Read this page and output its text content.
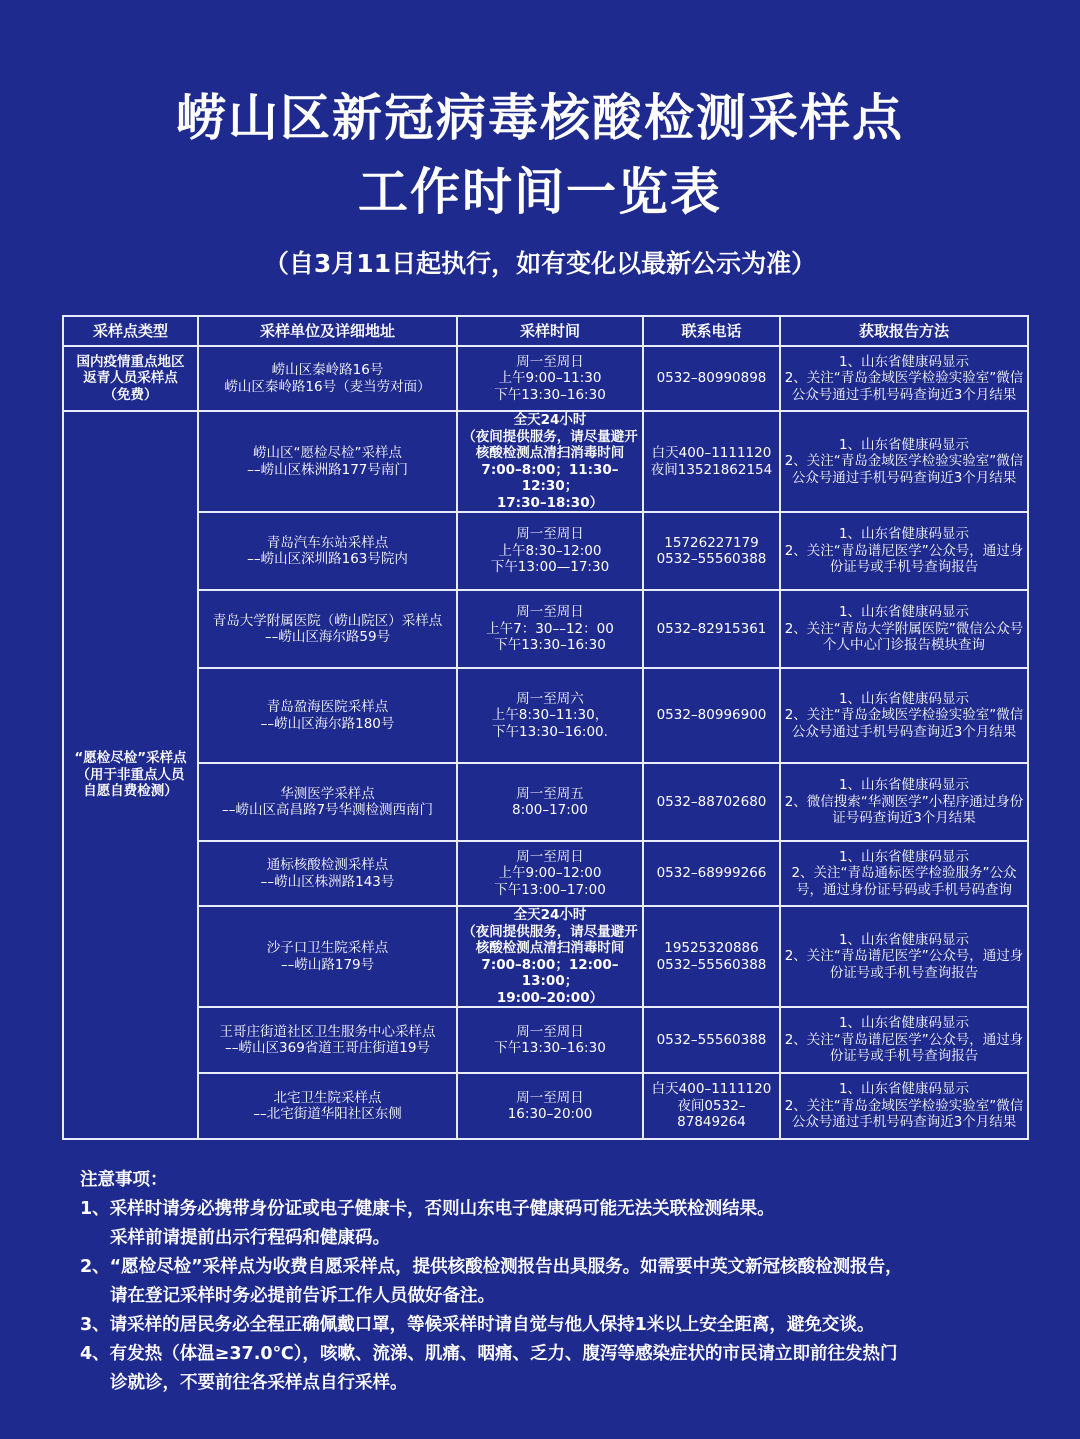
崂山区新冠病毒核酸检测采样点
工作时间一览表
（自3月11日起执行，如有变化以最新公示为准）
采样点类型	采样单位及详细地址	采样时间	联系电话	获取报告方法
国内疫情重点地区
返青人员采样点
（免费）	崂山区秦岭路16号
崂山区秦岭路16号（麦当劳对面）	周一至周日
上午9:00–11:30
下午13:30–16:30	0532–80990898	1、山东省健康码显示
2、关注“青岛金域医学检验实验室”微信
公众号通过手机号码查询近3个月结果
“愿检尽检”采样点
（用于非重点人员
自愿自费检测）	崂山区“愿检尽检”采样点
––崂山区株洲路177号南门	全天24小时
（夜间提供服务，请尽量避开
核酸检测点清扫消毒时间
7:00–8:00；11:30–12:30；
17:30–18:30）	白天400–1111120
夜间13521862154	1、山东省健康码显示
2、关注“青岛金域医学检验实验室”微信
公众号通过手机号码查询近3个月结果
	青岛汽车东站采样点
––崂山区深圳路163号院内	周一至周日
上午8:30–12:00
下午13:00—17:30	15726227179
0532–55560388	1、山东省健康码显示
2、关注“青岛谱尼医学”公众号，通过身
份证号或手机号查询报告
	青岛大学附属医院（崂山院区）采样点
––崂山区海尔路59号	周一至周日
上午7：30––12：00
下午13:30–16:30	0532–82915361	1、山东省健康码显示
2、关注“青岛大学附属医院”微信公众号
个人中心门诊报告模块查询
	青岛盈海医院采样点
––崂山区海尔路180号	周一至周六
上午8:30–11:30，
下午13:30–16:00.	0532–80996900	1、山东省健康码显示
2、关注“青岛金域医学检验实验室”微信
公众号通过手机号码查询近3个月结果
	华测医学采样点
––崂山区高昌路7号华测检测西南门	周一至周五
8:00–17:00	0532–88702680	1、山东省健康码显示
2、微信搜索“华测医学”小程序通过身份
证号码查询近3个月结果
	通标核酸检测采样点
––崂山区株洲路143号	周一至周日
上午9:00–12:00
下午13:00–17:00	0532–68999266	1、山东省健康码显示
2、关注“青岛通标医学检验服务”公众
号，通过身份证号码或手机号码查询
	沙子口卫生院采样点
––崂山路179号	全天24小时
（夜间提供服务，请尽量避开
核酸检测点清扫消毒时间
7:00–8:00；12:00–13:00；
19:00–20:00）	19525320886
0532–55560388	1、山东省健康码显示
2、关注“青岛谱尼医学”公众号，通过身
份证号或手机号查询报告
	王哥庄街道社区卫生服务中心采样点
––崂山区369省道王哥庄街道19号	周一至周日
下午13:30–16:30	0532–55560388	1、山东省健康码显示
2、关注“青岛谱尼医学”公众号，通过身
份证号或手机号查询报告
	北宅卫生院采样点
––北宅街道华阳社区东侧	周一至周日
16:30–20:00	白天400–1111120
夜间0532–87849264	1、山东省健康码显示
2、关注“青岛金域医学检验实验室”微信
公众号通过手机号码查询近3个月结果
注意事项：
1、采样时请务必携带身份证或电子健康卡，否则山东电子健康码可能无法关联检测结果。
采样前请提前出示行程码和健康码。
2、“愿检尽检”采样点为收费自愿采样点，提供核酸检测报告出具服务。如需要中英文新冠核酸检测报告，
请在登记采样时务必提前告诉工作人员做好备注。
3、请采样的居民务必全程正确佩戴口罩，等候采样时请自觉与他人保持1米以上安全距离，避免交谈。
4、有发热（体温≥37.0℃），咳嗽、流涕、肌痛、咽痛、乏力、腹泻等感染症状的市民请立即前往发热门
诊就诊，不要前往各采样点自行采样。
